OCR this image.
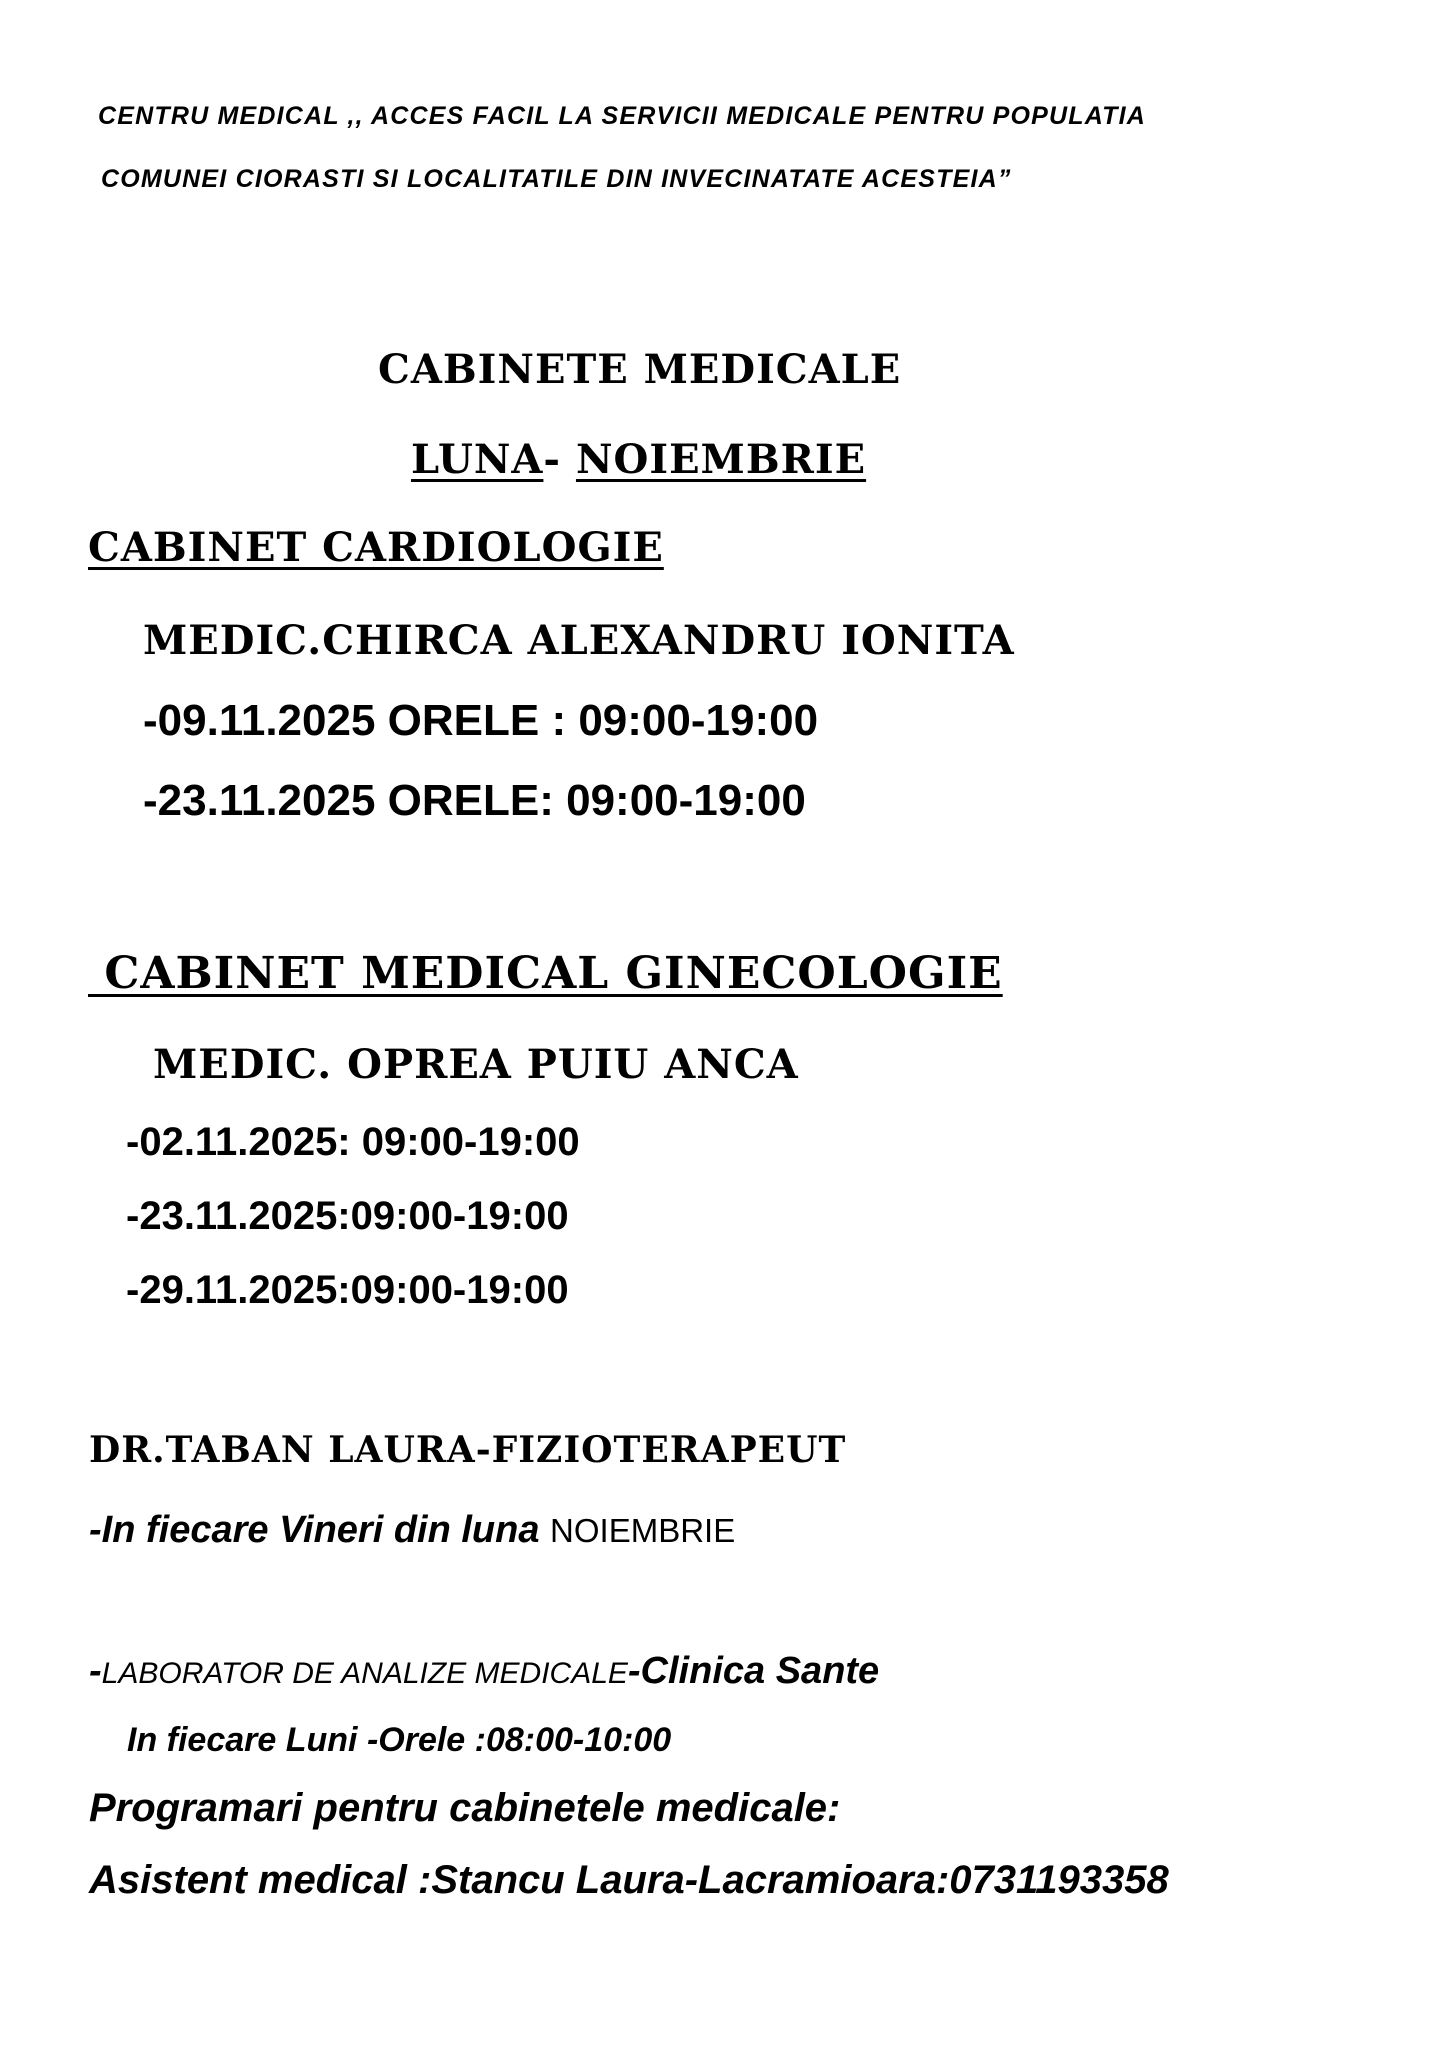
CENTRU MEDICAL ,, ACCES FACIL LA SERVICII MEDICALE PENTRU POPULATIA

COMUNEI CIORASTI SI LOCALITATILE DIN INVECINATATE ACESTEIA”

CABINETE MEDICALE

LUNA- NOIEMBRIE

CABINET CARDIOLOGIE

MEDIC.CHIRCA ALEXANDRU IONITA

-09.11.2025 ORELE : 09:00-19:00

-23.11.2025 ORELE: 09:00-19:00

CABINET MEDICAL GINECOLOGIE

MEDIC. OPREA PUIU ANCA

-02.11.2025: 09:00-19:00

-23.11.2025:09:00-19:00

-29.11.2025:09:00-19:00

DR.TABAN LAURA-FIZIOTERAPEUT

-In fiecare Vineri din luna NOIEMBRIE

-LABORATOR DE ANALIZE MEDICALE-Clinica Sante

In fiecare Luni -Orele :08:00-10:00

Programari pentru cabinetele medicale:

Asistent medical :Stancu Laura-Lacramioara:0731193358
